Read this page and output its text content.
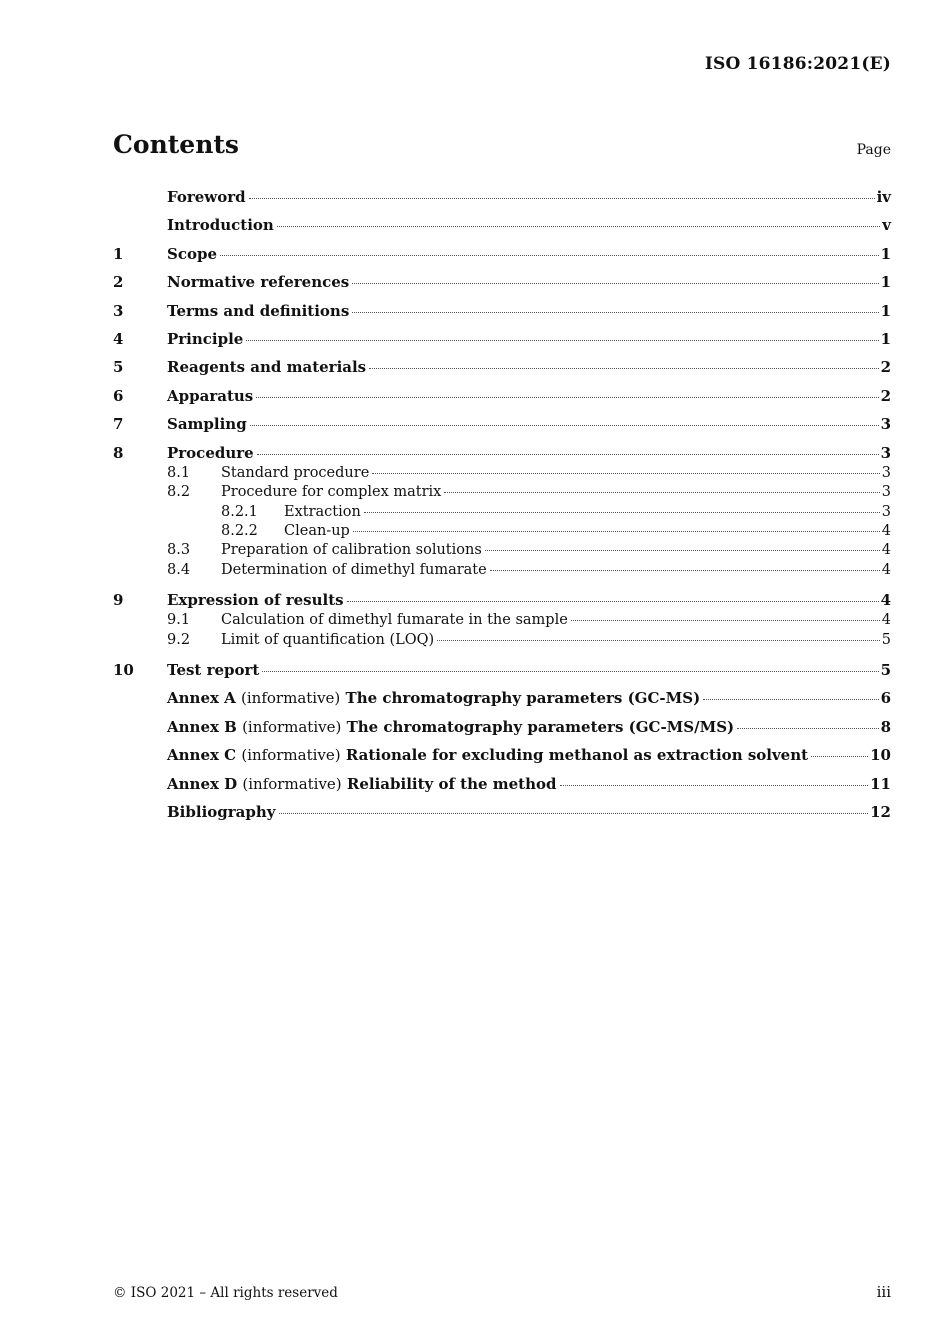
ISO 16186:2021(E)
Contents	Page
Foreword	iv
Introduction	v
1	Scope	1
2	Normative references	1
3	Terms and definitions	1
4	Principle	1
5	Reagents and materials	2
6	Apparatus	2
7	Sampling	3
8	Procedure	3
8.1	Standard procedure	3
8.2	Procedure for complex matrix	3
8.2.1	Extraction	3
8.2.2	Clean-up	4
8.3	Preparation of calibration solutions	4
8.4	Determination of dimethyl fumarate	4
9	Expression of results	4
9.1	Calculation of dimethyl fumarate in the sample	4
9.2	Limit of quantification (LOQ)	5
10	Test report	5
Annex A (informative) The chromatography parameters (GC-MS)	6
Annex B (informative) The chromatography parameters (GC-MS/MS)	8
Annex C (informative) Rationale for excluding methanol as extraction solvent	10
Annex D (informative) Reliability of the method	11
Bibliography	12
© ISO 2021 – All rights reserved	iii
